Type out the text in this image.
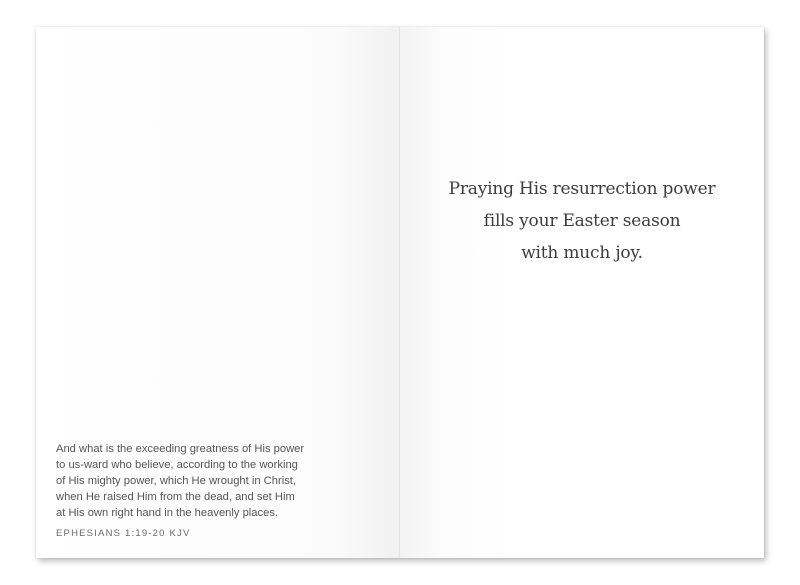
And what is the exceeding greatness of His power
to us-ward who believe, according to the working
of His mighty power, which He wrought in Christ,
when He raised Him from the dead, and set Him
at His own right hand in the heavenly places.
EPHESIANS 1:19-20 KJV
Praying His resurrection power
fills your Easter season
with much joy.
